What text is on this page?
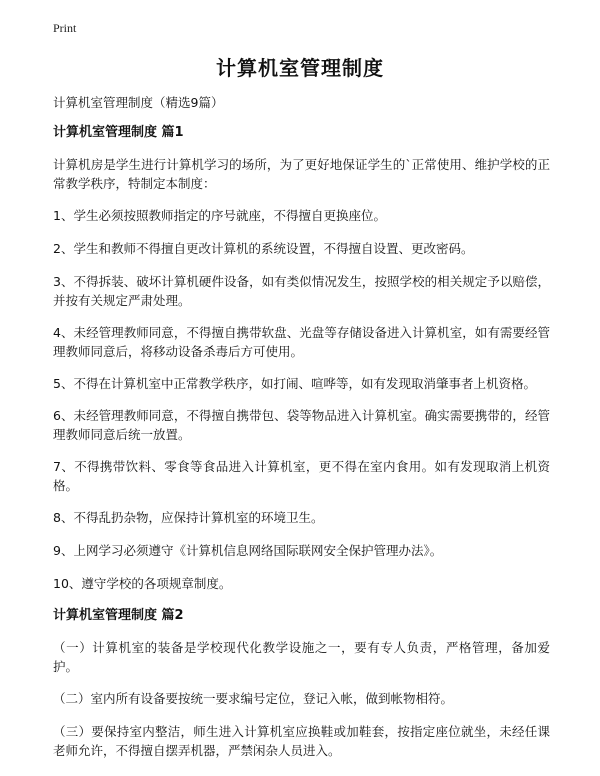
Print
计算机室管理制度
计算机室管理制度（精选9篇）
计算机室管理制度 篇1
计算机房是学生进行计算机学习的场所，为了更好地保证学生的`正常使用、维护学校的正常教学秩序，特制定本制度：
1、学生必须按照教师指定的序号就座，不得擅自更换座位。
2、学生和教师不得擅自更改计算机的系统设置，不得擅自设置、更改密码。
3、不得拆装、破坏计算机硬件设备，如有类似情况发生，按照学校的相关规定予以赔偿，并按有关规定严肃处理。
4、未经管理教师同意，不得擅自携带软盘、光盘等存储设备进入计算机室，如有需要经管理教师同意后，将移动设备杀毒后方可使用。
5、不得在计算机室中正常教学秩序，如打闹、喧哗等，如有发现取消肇事者上机资格。
6、未经管理教师同意，不得擅自携带包、袋等物品进入计算机室。确实需要携带的，经管理教师同意后统一放置。
7、不得携带饮料、零食等食品进入计算机室，更不得在室内食用。如有发现取消上机资格。
8、不得乱扔杂物，应保持计算机室的环境卫生。
9、上网学习必须遵守《计算机信息网络国际联网安全保护管理办法》。
10、遵守学校的各项规章制度。
计算机室管理制度 篇2
（一）计算机室的装备是学校现代化教学设施之一，要有专人负责，严格管理，备加爱护。
（二）室内所有设备要按统一要求编号定位，登记入帐，做到帐物相符。
（三）要保持室内整洁，师生进入计算机室应换鞋或加鞋套，按指定座位就坐，未经任课老师允许，不得擅自摆弄机器，严禁闲杂人员进入。
